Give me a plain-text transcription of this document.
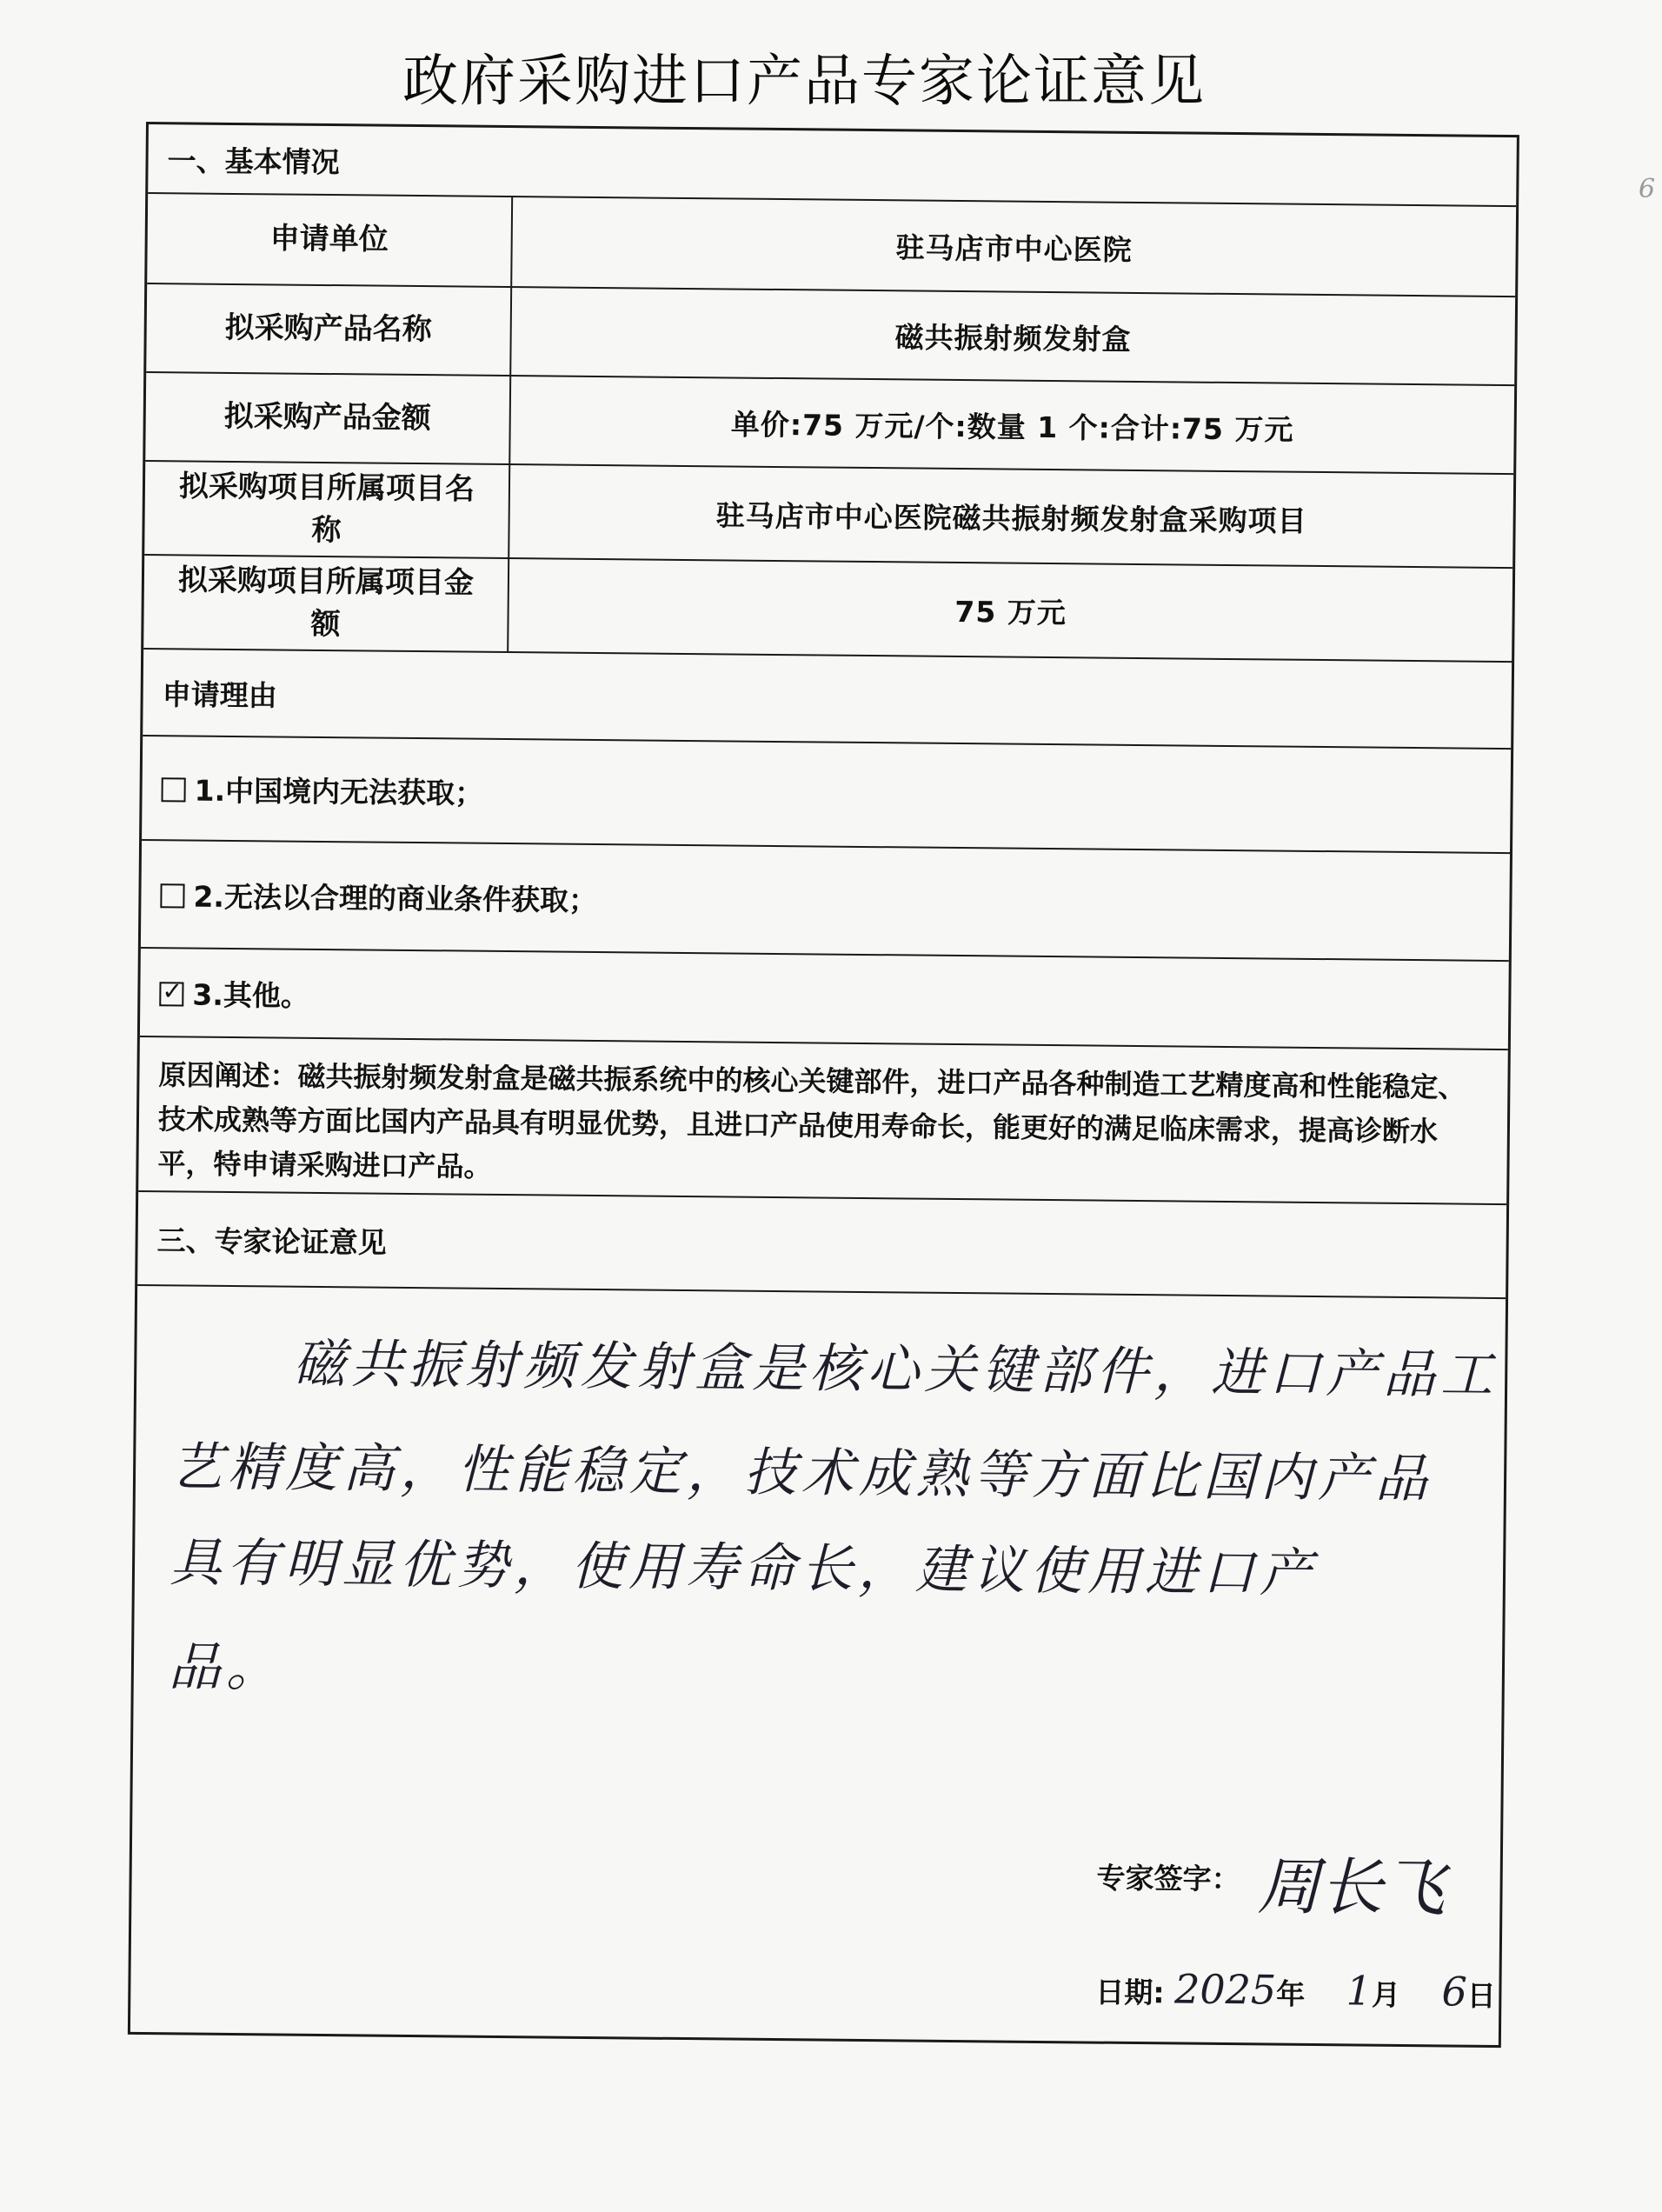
政府采购进口产品专家论证意见
6
一、基本情况
申请单位	驻马店市中心医院
拟采购产品名称	磁共振射频发射盒
拟采购产品金额	单价:75 万元/个:数量 1 个:合计:75 万元
拟采购项目所属项目名称	驻马店市中心医院磁共振射频发射盒采购项目
拟采购项目所属项目金额	75 万元
申请理由
1.中国境内无法获取；
2.无法以合理的商业条件获取；
✓
3.其他。
原因阐述：磁共振射频发射盒是磁共振系统中的核心关键部件，进口产品各种制造工艺精度高和性能稳定、技术成熟等方面比国内产品具有明显优势，且进口产品使用寿命长，能更好的满足临床需求，提高诊断水平，特申请采购进口产品。
三、专家论证意见
磁共振射频发射盒是核心关键部件，进口产品工
艺精度高，性能稳定，技术成熟等方面比国内产品
具有明显优势，使用寿命长，建议使用进口产
品。
专家签字： 周长飞
日期: 2025年 1月 6日
